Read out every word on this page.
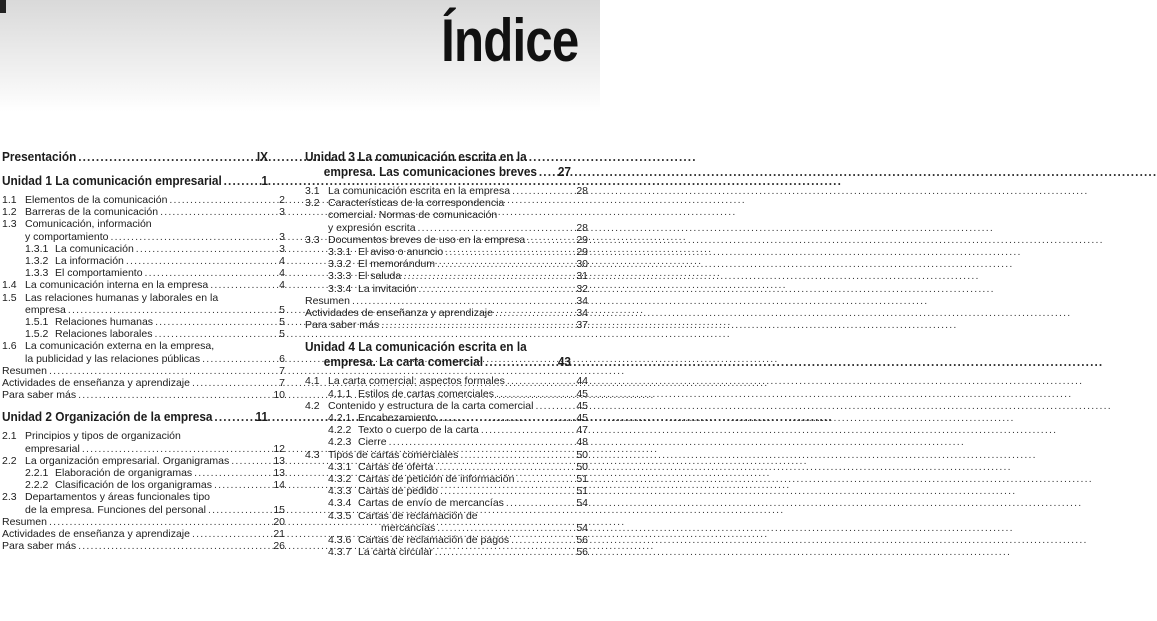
Índice
Presentación .....	IX
Unidad 1 La comunicación empresarial .....	1
1.1 Elementos de la comunicación .....	2
1.2 Barreras de la comunicación .....	3
1.3 Comunicación, información
y comportamiento .....	3
1.3.1 La comunicación .....	3
1.3.2 La información .....	4
1.3.3 El comportamiento .....	4
1.4 La comunicación interna en la empresa .....	4
1.5 Las relaciones humanas y laborales en la
empresa .....	5
1.5.1 Relaciones humanas .....	5
1.5.2 Relaciones laborales .....	5
1.6 La comunicación externa en la empresa,
la publicidad y las relaciones públicas .....	6
Resumen .....	7
Actividades de enseñanza y aprendizaje .....	7
Para saber más .....	10
Unidad 2 Organización de la empresa .....	11
2.1 Principios y tipos de organización
empresarial .....	12
2.2 La organización empresarial. Organigramas .....	13
2.2.1 Elaboración de organigramas .....	13
2.2.2 Clasificación de los organigramas .....	14
2.3 Departamentos y áreas funcionales tipo
de la empresa. Funciones del personal .....	15
Resumen .....	20
Actividades de enseñanza y aprendizaje .....	21
Para saber más .....	26
Unidad 3 La comunicación escrita en la
empresa. Las comunicaciones breves .....	27
3.1 La comunicación escrita en la empresa .....	28
3.2 Características de la correspondencia
comercial. Normas de comunicación
y expresión escrita .....	28
3.3 Documentos breves de uso en la empresa .....	29
3.3.1 El aviso o anuncio .....	29
3.3.2 El memorándum .....	30
3.3.3 El saluda .....	31
3.3.4 La invitación .....	32
Resumen .....	34
Actividades de enseñanza y aprendizaje .....	34
Para saber más .....	37
Unidad 4 La comunicación escrita en la
empresa. La carta comercial .....	43
4.1 La carta comercial: aspectos formales .....	44
4.1.1 Estilos de cartas comerciales .....	45
4.2 Contenido y estructura de la carta comercial .....	45
4.2.1 Encabezamiento .....	45
4.2.2 Texto o cuerpo de la carta .....	47
4.2.3 Cierre .....	48
4.3 Tipos de cartas comerciales .....	50
4.3.1 Cartas de oferta .....	50
4.3.2 Cartas de petición de información .....	51
4.3.3 Cartas de pedido .....	51
4.3.4 Cartas de envío de mercancías .....	54
4.3.5 Cartas de reclamación de
mercancías .....	54
4.3.6 Cartas de reclamación de pagos .....	56
4.3.7 La carta circular .....	56
